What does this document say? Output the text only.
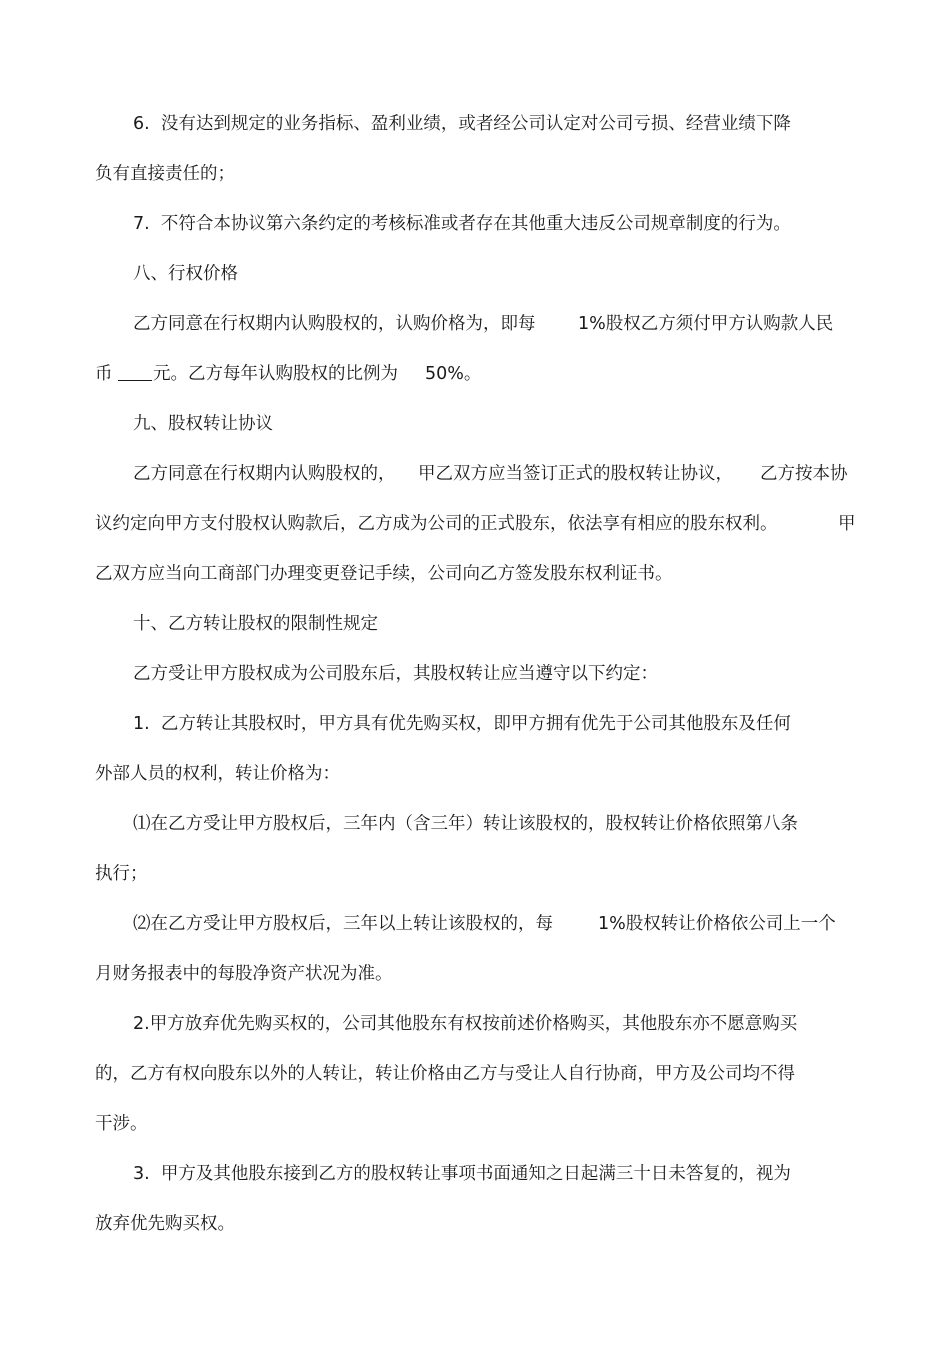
6.  没有达到规定的业务指标、盈利业绩，或者经公司认定对公司亏损、经营业绩下降

负有直接责任的；

7.  不符合本协议第六条约定的考核标准或者存在其他重大违反公司规章制度的行为。

八、行权价格

乙方同意在行权期内认购股权的，认购价格为，即每

1%股权乙方须付甲方认购款人民

币

元。乙方每年认购股权的比例为

50%。

九、股权转让协议

乙方同意在行权期内认购股权的，

甲乙双方应当签订正式的股权转让协议，

乙方按本协

议约定向甲方支付股权认购款后，乙方成为公司的正式股东，依法享有相应的股东权利。

	甲

乙双方应当向工商部门办理变更登记手续，公司向乙方签发股东权利证书。

十、乙方转让股权的限制性规定

乙方受让甲方股权成为公司股东后，其股权转让应当遵守以下约定：

1.  乙方转让其股权时，甲方具有优先购买权，即甲方拥有优先于公司其他股东及任何

外部人员的权利，转让价格为：

⑴在乙方受让甲方股权后，三年内（含三年）转让该股权的，股权转让价格依照第八条

执行；

⑵在乙方受让甲方股权后，三年以上转让该股权的，每

	1%股权转让价格依公司上一个

月财务报表中的每股净资产状况为准。

2.甲方放弃优先购买权的，公司其他股东有权按前述价格购买，其他股东亦不愿意购买

的，乙方有权向股东以外的人转让，转让价格由乙方与受让人自行协商，甲方及公司均不得

干涉。

3.  甲方及其他股东接到乙方的股权转让事项书面通知之日起满三十日未答复的，视为

放弃优先购买权。
